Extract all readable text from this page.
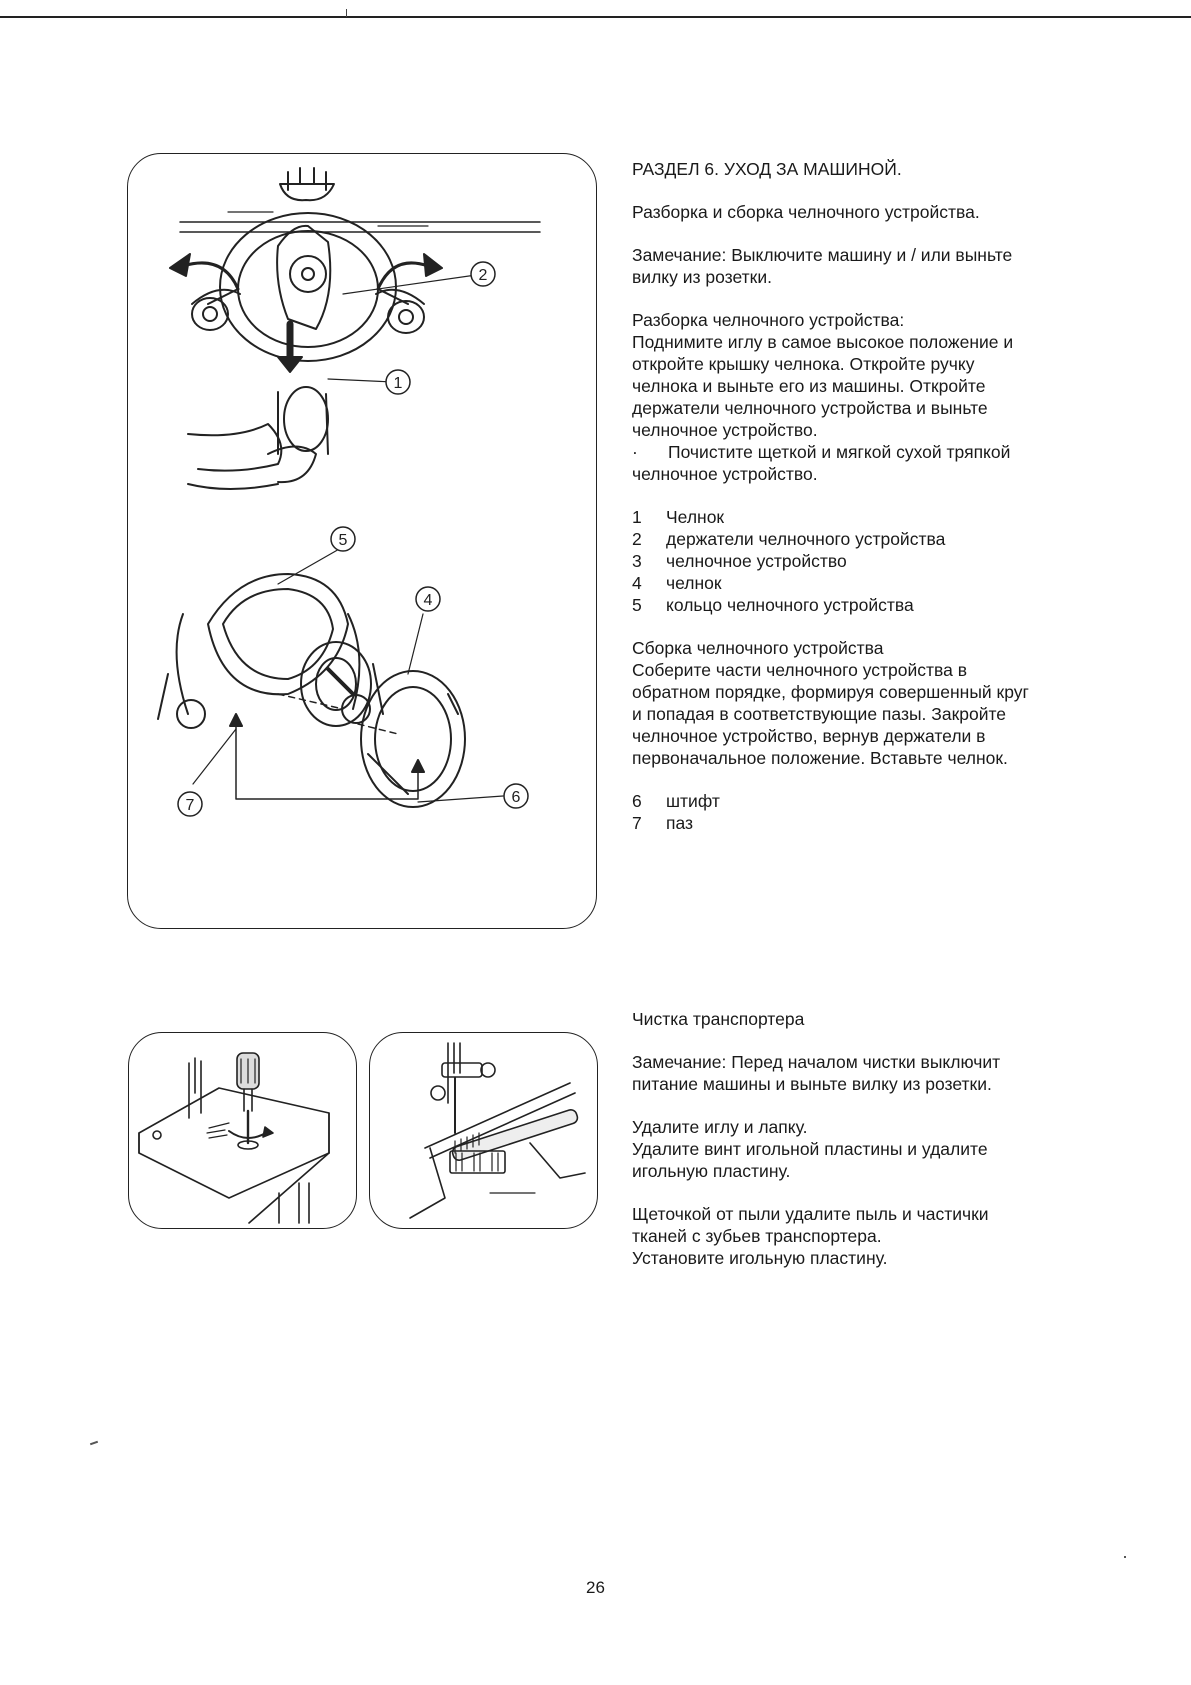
1
2
4
5
6
7

РАЗДЕЛ 6. УХОД ЗА МАШИНОЙ.

Разборка и сборка челночного устройства.

Замечание: Выключите машину и / или выньте

вилку из розетки.

Разборка челночного устройства:

Поднимите иглу в самое высокое положение и

откройте крышку челнока. Откройте ручку

челнока и выньте его из машины. Откройте

держатели челночного устройства и выньте

челночное устройство.

· Почистите щеткой и мягкой сухой тряпкой

челночное устройство.

1	Челнок
2	держатели челночного устройства
3	челночное устройство
4	челнок
5	кольцо челночного устройства

Сборка челночного устройства

Соберите части челночного устройства в

обратном порядке, формируя совершенный круг

и попадая в соответствующие пазы. Закройте

челночное устройство, вернув держатели в

первоначальное положение. Вставьте челнок.

6	штифт
7	паз

Чистка транспортера

Замечание: Перед началом чистки выключит

питание машины и выньте вилку из розетки.

Удалите иглу и лапку.

Удалите винт игольной пластины и удалите

игольную пластину.

Щеточкой от пыли удалите пыль и частички

тканей с зубьев транспортера.

Установите игольную пластину.

26
